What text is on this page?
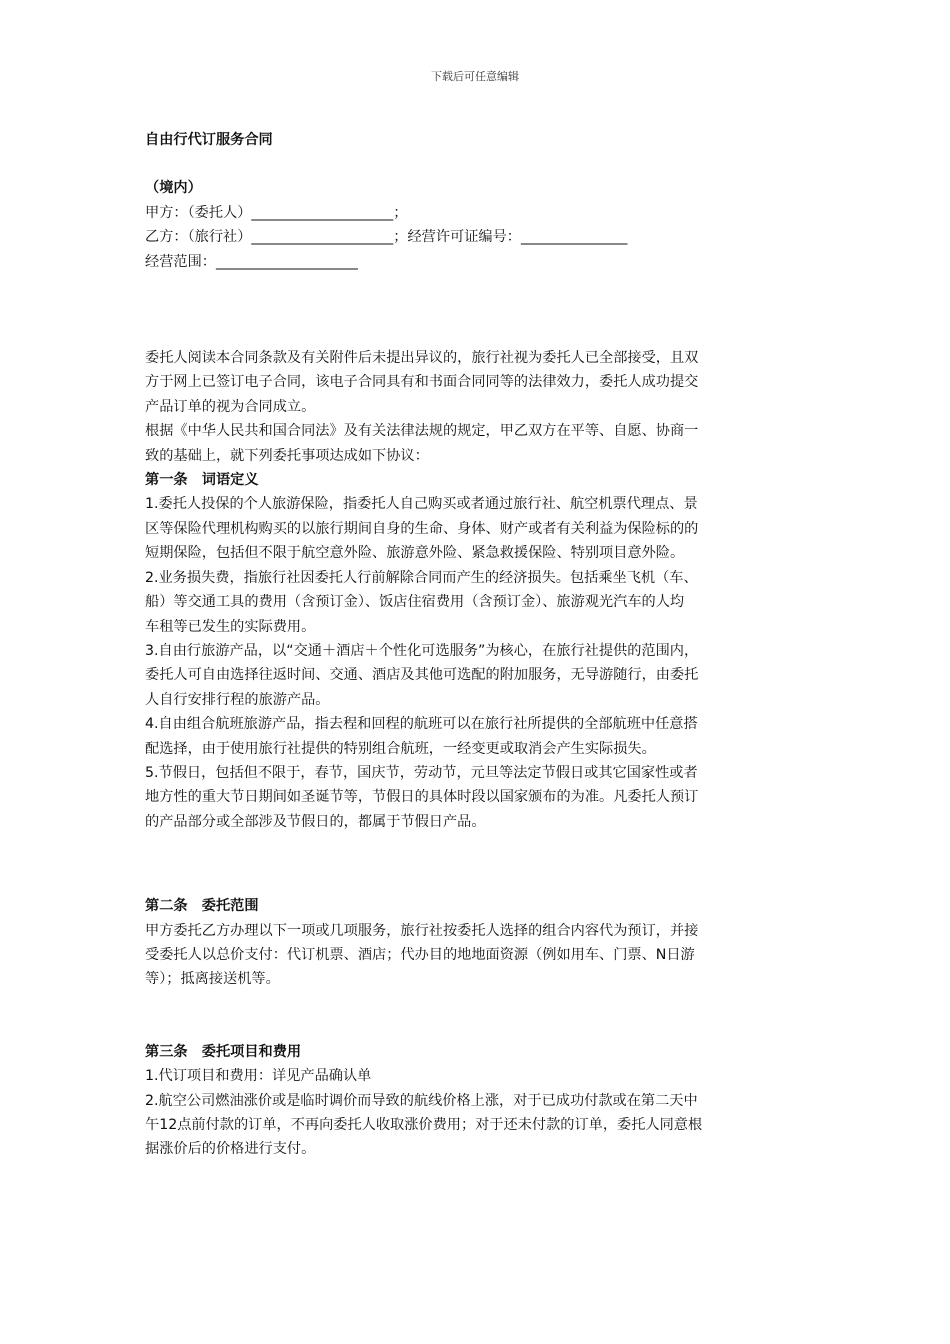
下载后可任意编辑
自由行代订服务合同
（境内）
甲方：（委托人）____________________；
乙方：（旅行社）____________________；经营许可证编号：_______________
经营范围：____________________
委托人阅读本合同条款及有关附件后未提出异议的，旅行社视为委托人已全部接受，且双
方于网上已签订电子合同，该电子合同具有和书面合同同等的法律效力，委托人成功提交
产品订单的视为合同成立。
根据《中华人民共和国合同法》及有关法律法规的规定，甲乙双方在平等、自愿、协商一
致的基础上，就下列委托事项达成如下协议：
第一条　词语定义
1.委托人投保的个人旅游保险，指委托人自己购买或者通过旅行社、航空机票代理点、景
区等保险代理机构购买的以旅行期间自身的生命、身体、财产或者有关利益为保险标的的
短期保险，包括但不限于航空意外险、旅游意外险、紧急救援保险、特别项目意外险。
2.业务损失费，指旅行社因委托人行前解除合同而产生的经济损失。包括乘坐飞机（车、
船）等交通工具的费用（含预订金）、饭店住宿费用（含预订金）、旅游观光汽车的人均
车租等已发生的实际费用。
3.自由行旅游产品，以“交通＋酒店＋个性化可选服务”为核心，在旅行社提供的范围内，
委托人可自由选择往返时间、交通、酒店及其他可选配的附加服务，无导游随行，由委托
人自行安排行程的旅游产品。
4.自由组合航班旅游产品，指去程和回程的航班可以在旅行社所提供的全部航班中任意搭
配选择，由于使用旅行社提供的特别组合航班，一经变更或取消会产生实际损失。
5.节假日，包括但不限于，春节，国庆节，劳动节，元旦等法定节假日或其它国家性或者
地方性的重大节日期间如圣诞节等，节假日的具体时段以国家颁布的为准。凡委托人预订
的产品部分或全部涉及节假日的，都属于节假日产品。
第二条　委托范围
甲方委托乙方办理以下一项或几项服务，旅行社按委托人选择的组合内容代为预订，并接
受委托人以总价支付：代订机票、酒店；代办目的地地面资源（例如用车、门票、N日游
等）；抵离接送机等。
第三条　委托项目和费用
1.代订项目和费用：详见产品确认单
2.航空公司燃油涨价或是临时调价而导致的航线价格上涨，对于已成功付款或在第二天中
午12点前付款的订单，不再向委托人收取涨价费用；对于还未付款的订单，委托人同意根
据涨价后的价格进行支付。
